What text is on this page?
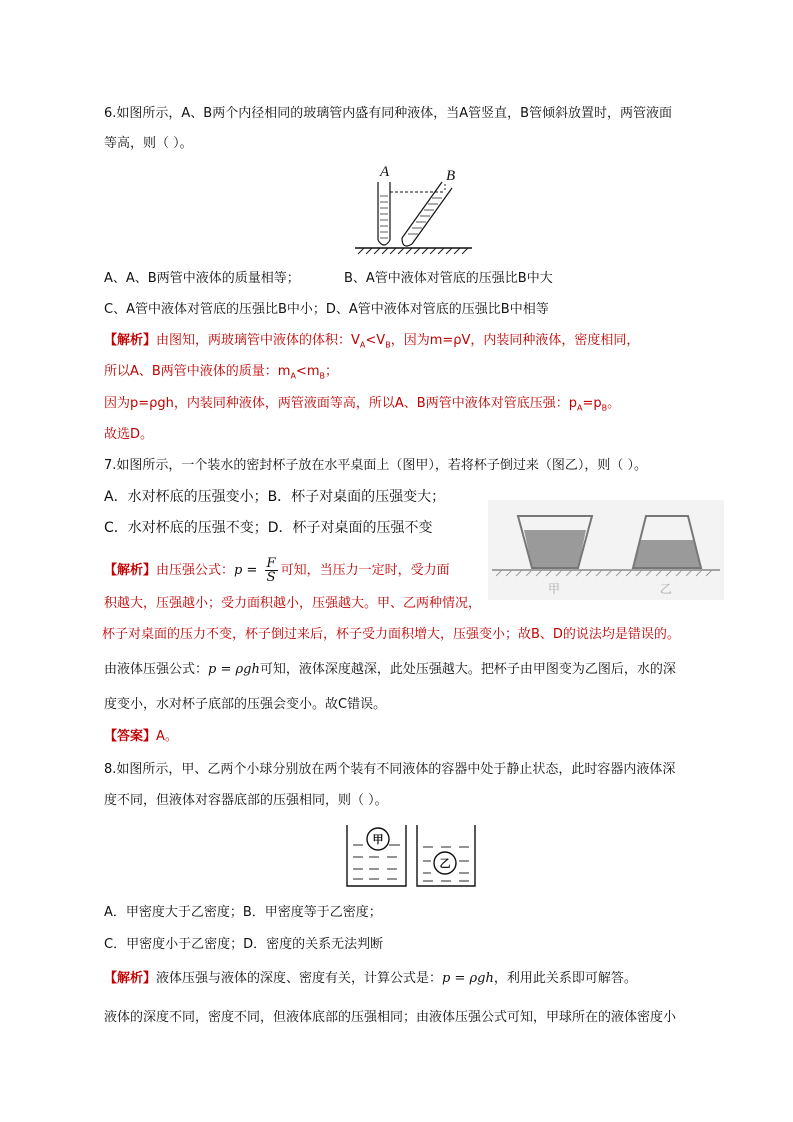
6.如图所示，A、B两个内径相同的玻璃管内盛有同种液体，当A管竖直，B管倾斜放置时，两管液面
等高，则（ ）。
A	B
A、A、B两管中液体的质量相等；	B、A管中液体对管底的压强比B中大
C、A管中液体对管底的压强比B中小；D、A管中液体对管底的压强比B中相等
【解析】由图知，两玻璃管中液体的体积：$V_A<V_B$，因为m=ρV，内装同种液体，密度相同，
所以A、B两管中液体的质量：$m_A<m_B$；
因为p=ρgh，内装同种液体，两管液面等高，所以A、B两管中液体对管底压强：$p_A=p_B$。
故选D。
7.如图所示，一个装水的密封杯子放在水平桌面上（图甲），若将杯子倒过来（图乙），则（ ）。
A．水对杯底的压强变小；B．杯子对桌面的压强变大；
C．水对杯底的压强不变；D．杯子对桌面的压强不变
甲	乙
【解析】由压强公式：$p = \frac{F}{S}$ 可知，当压力一定时，受力面
积越大，压强越小；受力面积越小，压强越大。甲、乙两种情况，
杯子对桌面的压力不变，杯子倒过来后，杯子受力面积增大，压强变小；故B、D的说法均是错误的。
由液体压强公式：p = ρgh可知，液体深度越深，此处压强越大。把杯子由甲图变为乙图后，水的深
度变小，水对杯子底部的压强会变小。故C错误。
【答案】A。
8.如图所示，甲、乙两个小球分别放在两个装有不同液体的容器中处于静止状态，此时容器内液体深
度不同，但液体对容器底部的压强相同，则（ ）。
甲
乙
A．甲密度大于乙密度；B．甲密度等于乙密度；
C．甲密度小于乙密度；D．密度的关系无法判断
【解析】液体压强与液体的深度、密度有关，计算公式是：p = ρgh，利用此关系即可解答。
液体的深度不同，密度不同，但液体底部的压强相同；由液体压强公式可知，甲球所在的液体密度小
